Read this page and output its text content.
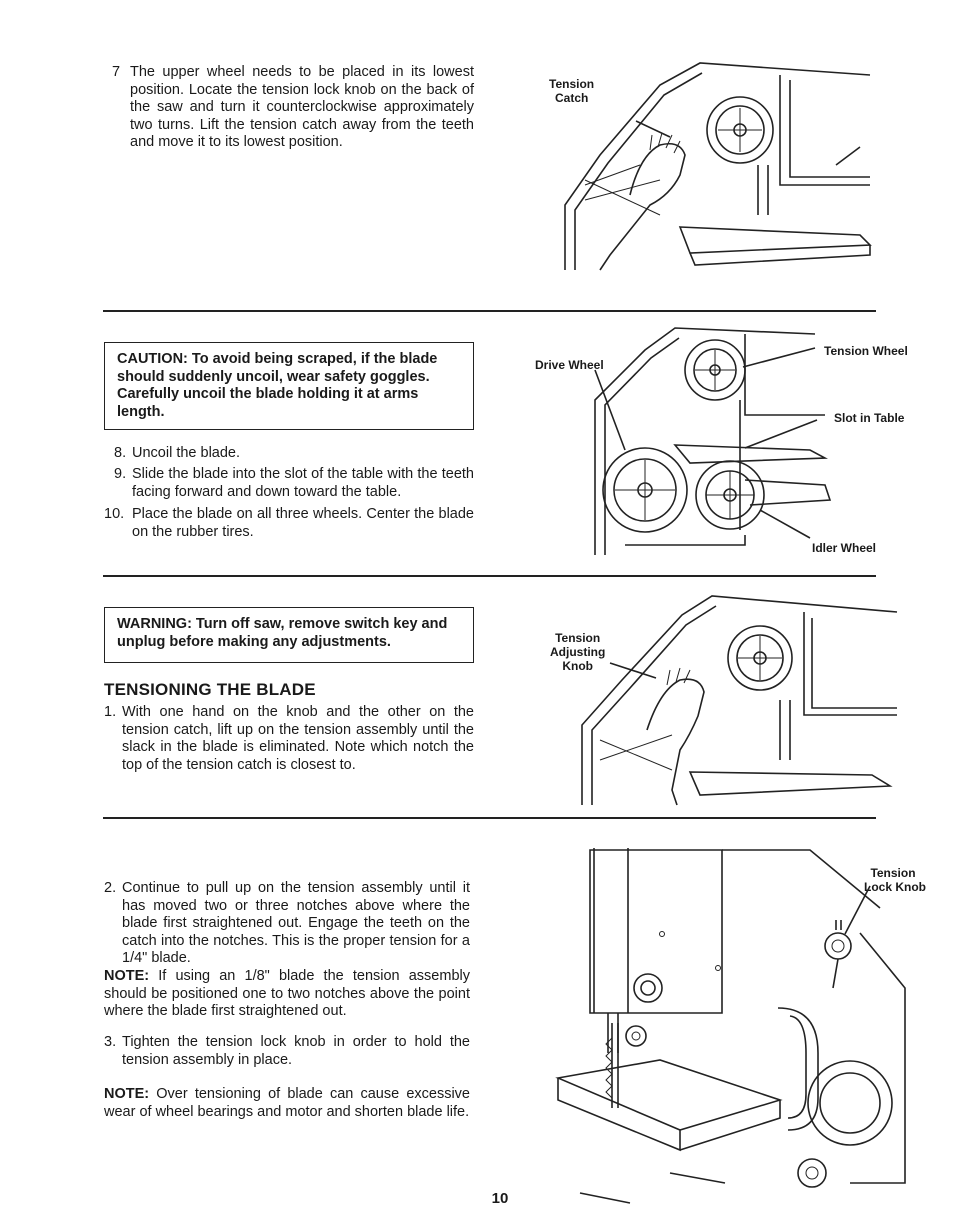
7 The upper wheel needs to be placed in its lowest position. Locate the tension lock knob on the back of the saw and turn it counterclockwise approximately two turns. Lift the tension catch away from the teeth and move it to its lowest position.
Tension
Catch
CAUTION: To avoid being scraped, if the blade should suddenly uncoil, wear safety goggles. Carefully uncoil the blade holding it at arms length.
8. Uncoil the blade.
9. Slide the blade into the slot of the table with the teeth facing forward and down toward the table.
10. Place the blade on all three wheels. Center the blade on the rubber tires.
Drive Wheel
Tension Wheel
Slot in Table
Idler Wheel
WARNING: Turn off saw, remove switch key and unplug before making any adjustments.
TENSIONING THE BLADE
1. With one hand on the knob and the other on the tension catch, lift up on the tension assembly until the slack in the blade is eliminated. Note which notch the top of the tension catch is closest to.
Tension
Adjusting
Knob
2. Continue to pull up on the tension assembly until it has moved two or three notches above where the blade first straightened out. Engage the teeth on the catch into the notches. This is the proper tension for a 1/4" blade.
NOTE: If using an 1/8" blade the tension assembly should be positioned one to two notches above the point where the blade first straightened out.
3. Tighten the tension lock knob in order to hold the tension assembly in place.
NOTE: Over tensioning of blade can cause excessive wear of wheel bearings and motor and shorten blade life.
Tension
Lock Knob
10
